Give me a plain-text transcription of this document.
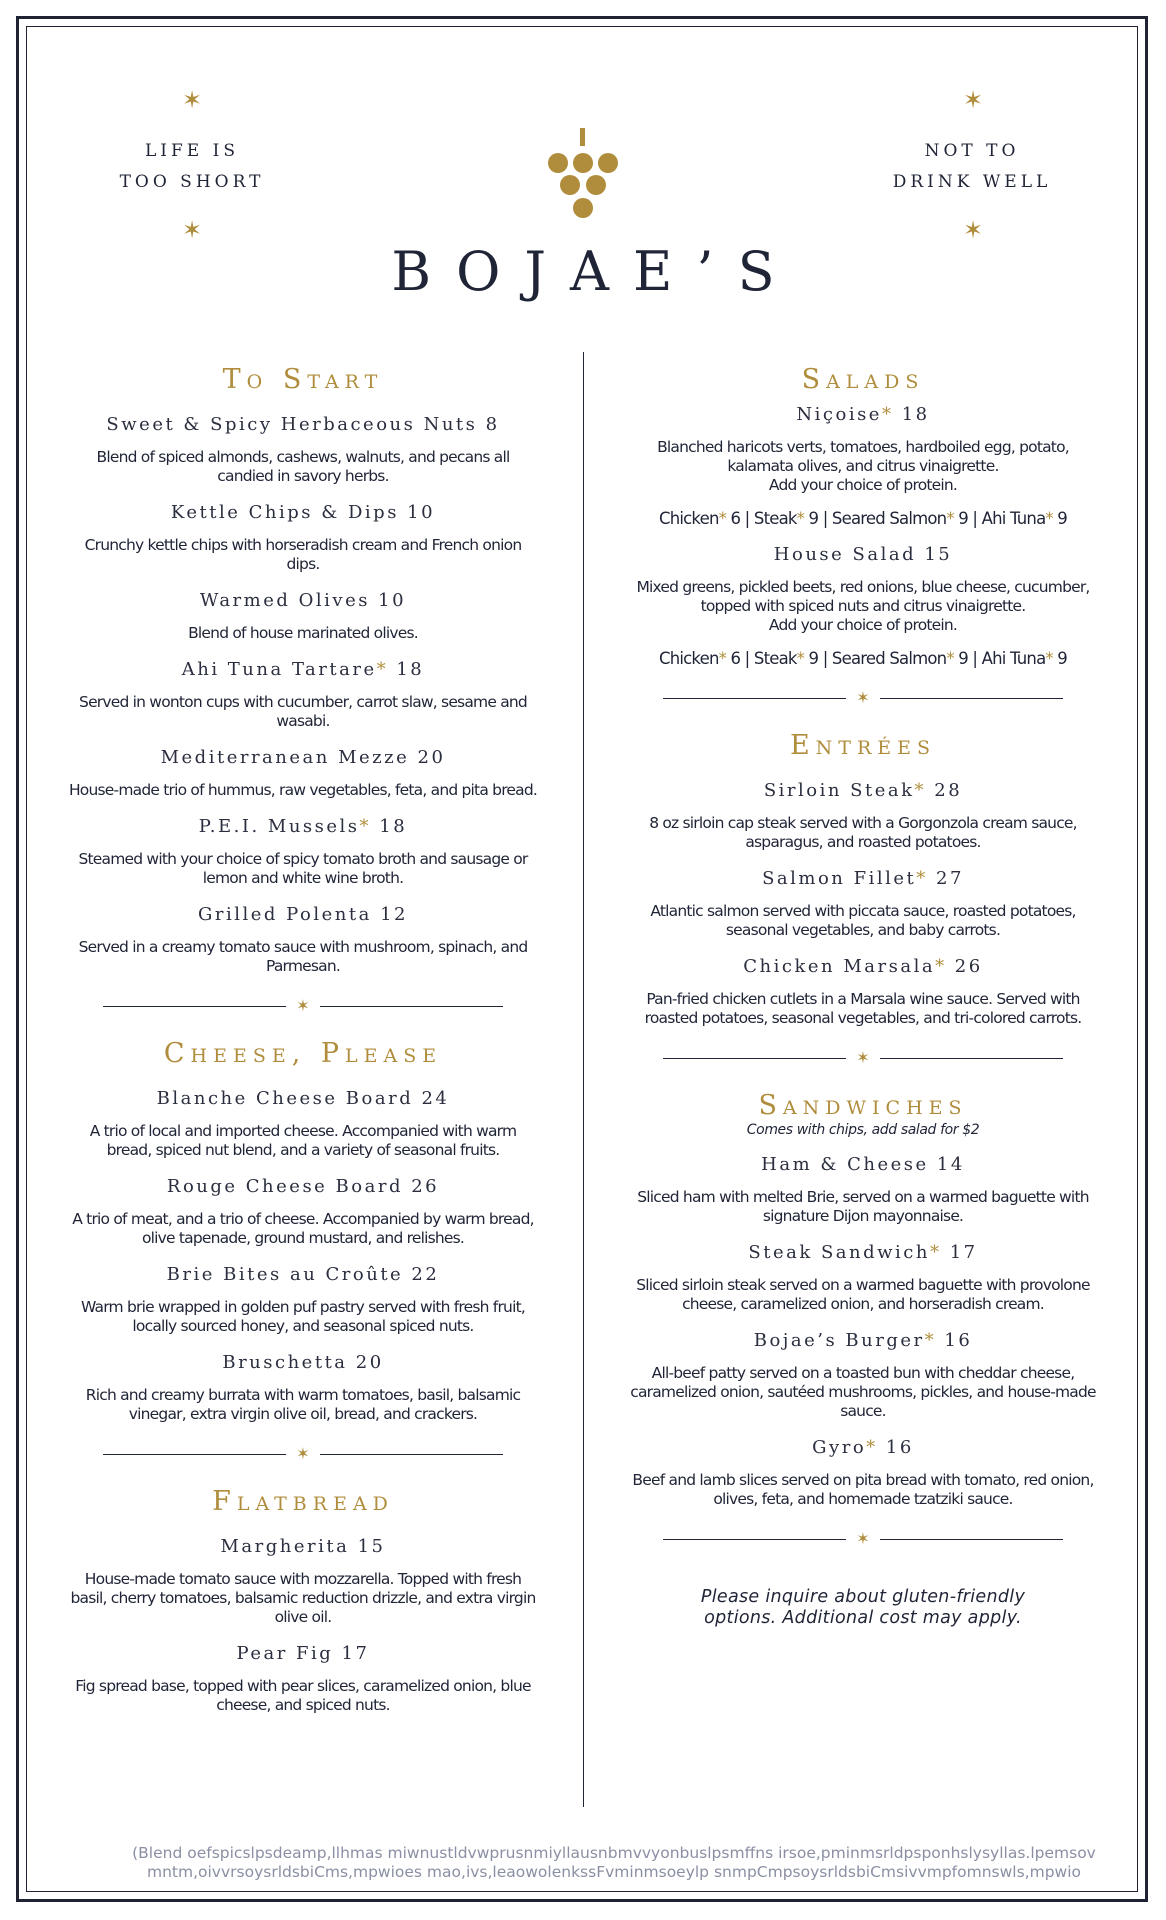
✶
✶
✶
✶
LIFE IS
TOO SHORT
NOT TO
DRINK WELL
BOJAE’S
To Start
Sweet & Spicy Herbaceous Nuts 8
Blend of spiced almonds, cashews, walnuts, and pecans all candied in savory herbs.
Kettle Chips & Dips 10
Crunchy kettle chips with horseradish cream and French onion dips.
Warmed Olives 10
Blend of house marinated olives.
Ahi Tuna Tartare* 18
Served in wonton cups with cucumber, carrot slaw, sesame and wasabi.
Mediterranean Mezze 20
House-made trio of hummus, raw vegetables, feta, and pita bread.
P.E.I. Mussels* 18
Steamed with your choice of spicy tomato broth and sausage or lemon and white wine broth.
Grilled Polenta 12
Served in a creamy tomato sauce with mushroom, spinach, and Parmesan.
✶
Cheese, Please
Blanche Cheese Board 24
A trio of local and imported cheese. Accompanied with warm bread, spiced nut blend, and a variety of seasonal fruits.
Rouge Cheese Board 26
A trio of meat, and a trio of cheese. Accompanied by warm bread, olive tapenade, ground mustard, and relishes.
Brie Bites au Croûte 22
Warm brie wrapped in golden puf pastry served with fresh fruit, locally sourced honey, and seasonal spiced nuts.
Bruschetta 20
Rich and creamy burrata with warm tomatoes, basil, balsamic vinegar, extra virgin olive oil, bread, and crackers.
✶
Flatbread
Margherita 15
House-made tomato sauce with mozzarella. Topped with fresh basil, cherry tomatoes, balsamic reduction drizzle, and extra virgin olive oil.
Pear Fig 17
Fig spread base, topped with pear slices, caramelized onion, blue cheese, and spiced nuts.
Salads
Niçoise* 18
Blanched haricots verts, tomatoes, hardboiled egg, potato, kalamata olives, and citrus vinaigrette.
Add your choice of protein.
Chicken* 6 | Steak* 9 | Seared Salmon* 9 | Ahi Tuna* 9
House Salad 15
Mixed greens, pickled beets, red onions, blue cheese, cucumber, topped with spiced nuts and citrus vinaigrette.
Add your choice of protein.
Chicken* 6 | Steak* 9 | Seared Salmon* 9 | Ahi Tuna* 9
✶
Entrées
Sirloin Steak* 28
8 oz sirloin cap steak served with a Gorgonzola cream sauce, asparagus, and roasted potatoes.
Salmon Fillet* 27
Atlantic salmon served with piccata sauce, roasted potatoes, seasonal vegetables, and baby carrots.
Chicken Marsala* 26
Pan-fried chicken cutlets in a Marsala wine sauce. Served with roasted potatoes, seasonal vegetables, and tri-colored carrots.
✶
Sandwiches
Comes with chips, add salad for $2
Ham & Cheese 14
Sliced ham with melted Brie, served on a warmed baguette with signature Dijon mayonnaise.
Steak Sandwich* 17
Sliced sirloin steak served on a warmed baguette with provolone cheese, caramelized onion, and horseradish cream.
Bojae’s Burger* 16
All-beef patty served on a toasted bun with cheddar cheese, caramelized onion, sautéed mushrooms, pickles, and house-made sauce.
Gyro* 16
Beef and lamb slices served on pita bread with tomato, red onion, olives, feta, and homemade tzatziki sauce.
✶
Please inquire about gluten-friendly
options. Additional cost may apply.
(Blend oefspicslpsdeamp,llhmas miwnustldvwprusnmiyllausnbmvvyonbuslpsmffns irsoe,pminmsrldpsponhslysyllas.lpemsov
mntm,oivvrsoysrldsbiCms,mpwioes mao,ivs,leaowolenkssFvminmsoeylp snmpCmpsoysrldsbiCmsivvmpfomnswls,mpwio
